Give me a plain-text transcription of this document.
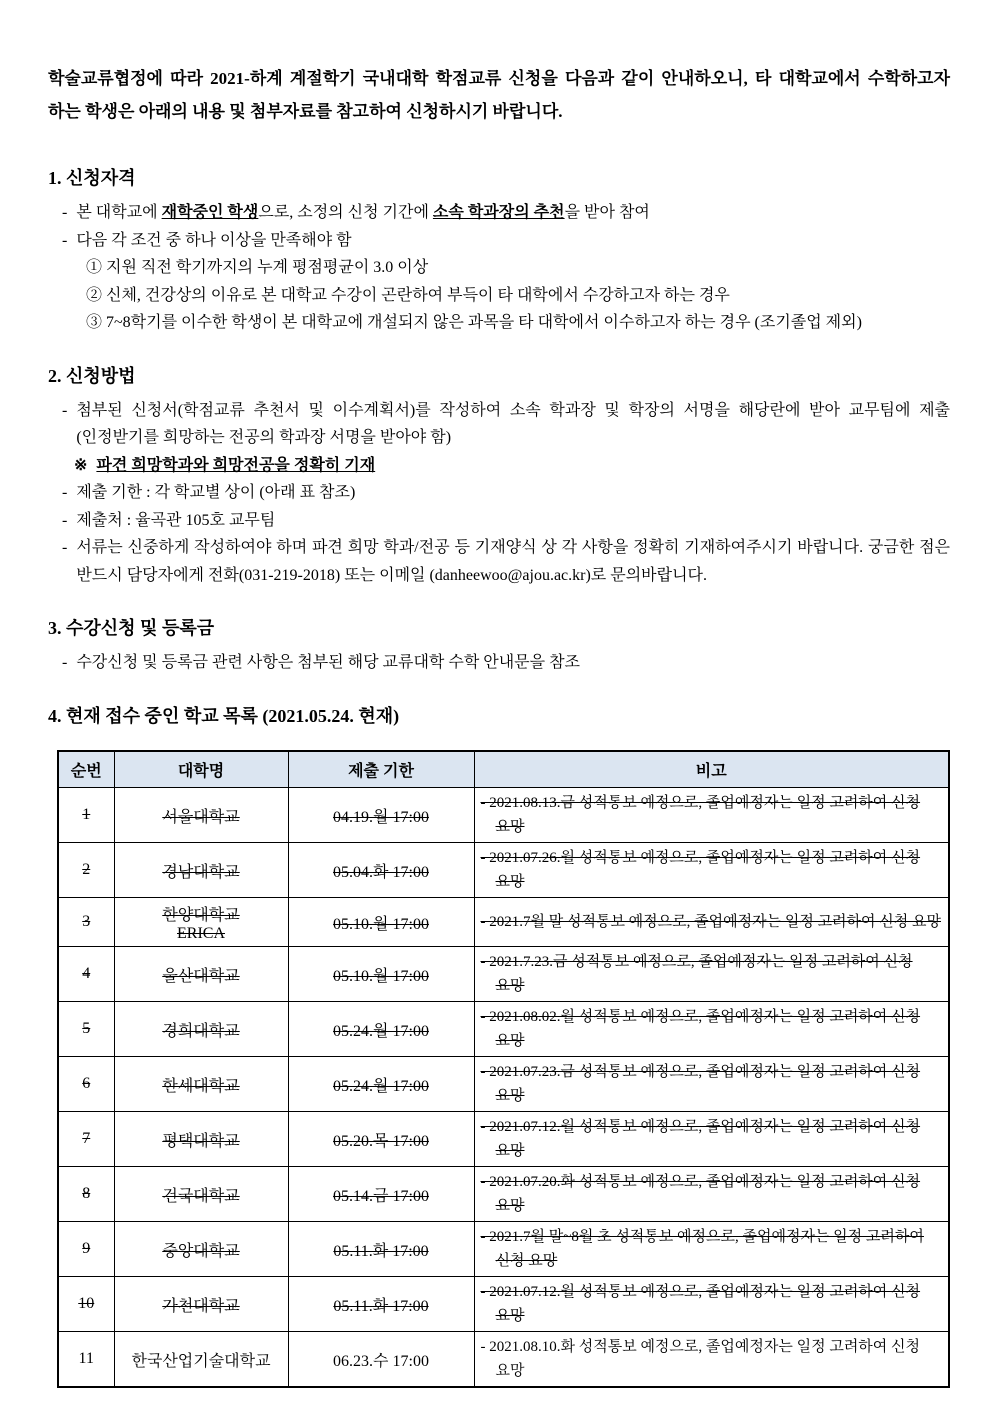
학술교류협정에 따라 2021-하계 계절학기 국내대학 학점교류 신청을 다음과 같이 안내하오니, 타 대학교에서 수학하고자 하는 학생은 아래의 내용 및 첨부자료를 참고하여 신청하시기 바랍니다.

1. 신청자격
- 본 대학교에 재학중인 학생으로, 소정의 신청 기간에 소속 학과장의 추천을 받아 참여
- 다음 각 조건 중 하나 이상을 만족해야 함
① 지원 직전 학기까지의 누계 평점평균이 3.0 이상
② 신체, 건강상의 이유로 본 대학교 수강이 곤란하여 부득이 타 대학에서 수강하고자 하는 경우
③ 7~8학기를 이수한 학생이 본 대학교에 개설되지 않은 과목을 타 대학에서 이수하고자 하는 경우 (조기졸업 제외)
2. 신청방법
- 첨부된 신청서(학점교류 추천서 및 이수계획서)를 작성하여 소속 학과장 및 학장의 서명을 해당란에 받아 교무팀에 제출 (인정받기를 희망하는 전공의 학과장 서명을 받아야 함)
※ 파견 희망학과와 희망전공을 정확히 기재
- 제출 기한 : 각 학교별 상이 (아래 표 참조)
- 제출처 : 율곡관 105호 교무팀
- 서류는 신중하게 작성하여야 하며 파견 희망 학과/전공 등 기재양식 상 각 사항을 정확히 기재하여주시기 바랍니다. 궁금한 점은 반드시 담당자에게 전화(031-219-2018) 또는 이메일 (danheewoo@ajou.ac.kr)로 문의바랍니다.
3. 수강신청 및 등록금
- 수강신청 및 등록금 관련 사항은 첨부된 해당 교류대학 수학 안내문을 참조
4. 현재 접수 중인 학교 목록 (2021.05.24. 현재)
순번	대학명	제출 기한	비고
1	서울대학교	04.19.월 17:00	- 2021.08.13.금 성적통보 예정으로, 졸업예정자는 일정 고려하여 신청 요망

2	경남대학교	05.04.화 17:00	- 2021.07.26.월 성적통보 예정으로, 졸업예정자는 일정 고려하여 신청 요망

3	한양대학교
ERICA	05.10.월 17:00	- 2021.7월 말 성적통보 예정으로, 졸업예정자는 일정 고려하여 신청 요망

4	울산대학교	05.10.월 17:00	- 2021.7.23.금 성적통보 예정으로, 졸업예정자는 일정 고려하여 신청 요망

5	경희대학교	05.24.월 17:00	- 2021.08.02.월 성적통보 예정으로, 졸업예정자는 일정 고려하여 신청 요망

6	한세대학교	05.24.월 17:00	- 2021.07.23.금 성적통보 예정으로, 졸업예정자는 일정 고려하여 신청 요망

7	평택대학교	05.20.목 17:00	- 2021.07.12.월 성적통보 예정으로, 졸업예정자는 일정 고려하여 신청 요망

8	건국대학교	05.14.금 17:00	- 2021.07.20.화 성적통보 예정으로, 졸업예정자는 일정 고려하여 신청 요망

9	중앙대학교	05.11.화 17:00	- 2021.7월 말~8월 초 성적통보 예정으로, 졸업예정자는 일정 고려하여 신청 요망

10	가천대학교	05.11.화 17:00	- 2021.07.12.월 성적통보 예정으로, 졸업예정자는 일정 고려하여 신청 요망

11	한국산업기술대학교	06.23.수 17:00	- 2021.08.10.화 성적통보 예정으로, 졸업예정자는 일정 고려하여 신청 요망
